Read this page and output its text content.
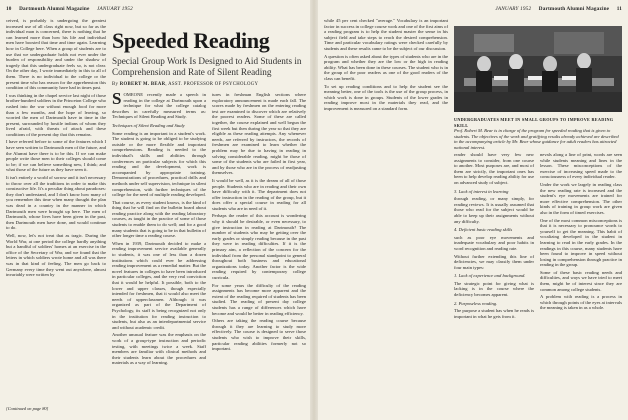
10 Dartmouth Alumni Magazine JANUARY 1952

ceived, is probably is undergoing the greatest increased use of all class right now, but so far as the individual man is concerned, there is nothing that he can learned more than how his life and individual men have boosted that time and time again. Learning how in College here. When a group of students are to use that we undergraduate holds not ever under the burden of responsibility and under the shadow of tragedy that this undergraduate feels so, is not clear. On the other day, I wrote immediately in this to all of them. There is no individual to the college or the present time who has reason for the apprehension this condition of this community have had in times past.

I was thinking in the chapel service last night of those brother-hundred soldiers in the Princeton College who rushed into the war without enough food for more than a few months, and the hope of leaving, so worried the men of Dartmouth have in time in the present, surrounded by hostile indians of whom they lived afraid, with threats of attack and these conditions of the present day that this remains.

I have referred before to some of the features which I have seen written to Dartmouth men of the future, and the Alumni have there is to be this. If we can make people write those men to their colleges should come to be; if we can believe something new, I think; and what those of the future as they have seen it.

It isn't entirely a world of sorrow and it isn't necessary to throw over all the traditions in order to make this constructive life. It's a peculiar thing about paradoxes: they don't understand, and I don't know how many of you remember this time when many thought the plan was dead in a country in the manner in which Dartmouth men were brought up here. The men of Dartmouth, whose lives have been given in the past, then Dartmouth men have done, and would continue to do.

Well, now, let's not treat that as tragic. During the World War, at one period the college hardly anything but a handful of soldiers' homes at an exercise in the office of the Secretary of War, and we found that the letters in which soldiers wrote home and all was there was in that kind of feeling. The men go back to Germany every time they went out anywhere, almost invariably were written by

[Continued on page 80]
Speeded Reading
Special Group Work Is Designed to Aid Students in Comprehension and Rate of Silent Reading
By ROBERT M. BEAR, ASST. PROFESSOR OF PSYCHOLOGY

SOMEONE recently made a speech in reading in the college at Dartmouth upon a technique for what the college catalog describes in carefully measured terms as: Techniques of Silent Reading and Study.

Techniques of Silent Reading and Study

Some reading is an important in a student's work. The student is going to be obliged to be studying outside or the more flexible and important comprehensions. Reading is needed to the individual's skills and abilities through conferences on particular subjects for which this reading and the development, work is accompanied by appropriate training. Demonstrations of procedures, practical drills and methods under self supervision, technique in silent comprehension, with further techniques of the college for the need of multiple reading developed.

That course, as every student knows, is the kind of thing that he will find on the bulletin board about reading practice along with the reading laboratory courses, as taught in the practice of some of those students to enable them to do well; and for a good many students that is going to be in that bulletin of other longer time a reading course.

When in 1939, Dartmouth decided to make a reading improvement service available generally to students, it was one of less than a dozen institutions which could ever be addressing reading improvement as a remedial matter. But the novel features in colleges to have been introduced in particular colleges, and the very real conviction that it would be helpful. It possible, both to the lower and upper classes, though especially intended for freshmen, that it would also meet the needs of upperclassmen. Although it was organized as part of the Department of Psychology, its staff is being recognized not only in the institution for reading instruction to students, but also as an interdepartmental service and without academic credit.

Another unusual feature was the emphasis on the work of a group-type instruction and periodic testing, with meetings twice a week. Staff members are familiar with clinical methods and their students learn about the procedures and materials as a way of learning.

tures in freshman English sections where exploratory announcement is made each fall. The scores made by freshmen on the entering reading test are examined to discover which are relatively the poorest readers. Some of these are called together, the course explained and well begun the first week but then during the year so that they are eligible as these reading attempts. Any whenever needs, are referred by instructors, the records of freshmen are examined to learn whether the problem may be due to having in reading in solving considerable reading, might be those of some of the students who are failed in first year, and by those who are in the process of readjusting themselves.

It would be well, as it is the dream of all of those people. Students who are in reading and their own have difficulty with it. The department does not offer instruction in the reading of the group, but it does offer a special course in reading for all students who are in need of it.

Perhaps the reader of this account is wondering why it should be desirable, or even necessary, to give instruction in reading at Dartmouth? The number of students who may be getting over the early grades or simply reading because in the past they were in reading difficulties. If it is the primary aim, a reflection of the concern for the individual from the personal standpoint to general throughout both business and educational organizations today. Another factor is the wide reading required by contemporary college curricula.

For some years the difficulty of the reading assignments has become more apparent and the extent of the reading required of students has been studied. The reading of present day college students has a range of differences which have become and would be better in reading efficiency.

Others are taking the reading course because through it they are learning to study more effectively. The course is designed to serve those students who wish to improve their skills, particular reading abilities formerly not so important.

JANUARY 1952 Dartmouth Alumni Magazine 11

while 45 per cent checked "average." Vocabulary is an important factor in success in college course work and one of the first aims of a reading program is to help the student master the sense in his subject field and take steps to reach the desired comprehension. Time and particular vocabulary ratings were checked carefully by students and these results came to be the subject of our discussion.

A question is often asked about the types of students who are in the program and whether they are the low or the high in reading ability. What has been done in these courses. The student who is in the group of the poor readers as one of the good readers of the class can benefit.

To set up reading conditions and to help the student see the meaning better, one of the tools is the use of the group process, in which work is done in groups. Students of the lower grades in reading improve most in the materials they read, and the improvement is measured on a standard form.

UNDERGRADUATES MEET IN SMALL GROUPS TO IMPROVE READING SKILL
Prof. Robert M. Bear is in charge of the program for speeded reading that is given to students. The objectives of the work and gratifying results already achieved are described in the accompanying article by Mr. Bear whose guidance for adult readers has attracted national interest.

reader should have very few new assignments to consider, from one course to another. Most purposes are, and most of them are strictly, the important ones has been to help develop reading ability for use on advanced study of subject.

3. Lack of interest in learning

through reading, or many simply, for reading reviews. It is usually assumed that those who read for the subject would be able to keep up their assignments without any difficulty.

4. Deficient basic reading skills

such as poor eye movements and inadequate vocabulary and poor habits in word recognition and reading rate.

Without further extending this line of deficiencies, we may classify them under four main types:

1. Lack of experience and background.

The strategic point for giving what is lacking is in the course where the deficiency becomes apparent.

2. Purposeless reading.

The purpose a student has when he reads is important in what he gets from it.

nevals along a line of print, words are seen while students meaning and lines in the lesson. These misconceptions of the exercise of increasing speed made to the consciousness of every individual reader.

Under the work we largely in reading class the new reading rate is increased and the student's eye movements are trained for more effective comprehension. The other kinds of training in group work are given also in the form of timed exercises.

One of the most common misconceptions is that it is necessary to pronounce words to yourself to get the meaning. This habit of vocalizing developed in the student in learning to read in the early grades. In the readings in this course, many students have been found to improve in speed without losing in comprehension through practice in reading in the group.

Some of these basic reading needs and difficulties, and ways we have tried to meet them, might be of interest since they are common among college students.

A problem with reading is a process in which through points of the eyes at intervals the meaning is taken in as a whole.
